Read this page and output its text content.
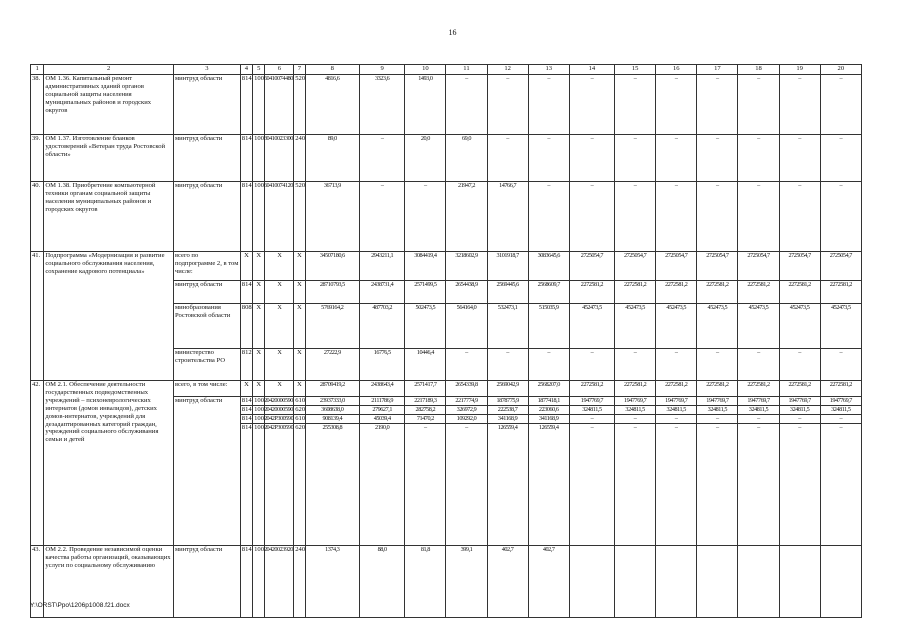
16
1	2	3	4	5	6	7	8	9	10	11	12	13	14	15	16	17	18	19	20
38.	ОМ 1.36. Капитальный ремонт административных зданий органов социальной защиты населения муниципальных районов и городских округов	минтруд области	814	1006	0410074480	520	4816,6	3323,6	1493,0	–	–	–	–	–	–	–	–	–	–
39.	ОМ 1.37. Изготовление бланков удостоверений «Ветеран труда Ростовской области»	минтруд области	814	1003	0410023300	240	89,0	–	20,0	69,0	–	–	–	–	–	–	–	–	–
40.	ОМ 1.38. Приобретение компьютерной техники органам социальной защиты населения муниципальных районов и городских округов	минтруд области	814	1006	0410074120	520	36713,9	–	–	21947,2	14766,7	–	–	–	–	–	–	–	–
41.	Подпрограмма «Модернизация и развитие социального обслуживания населения, сохранение кадрового потенциала»	всего по подпрограмме 2, в том числе:	Х	Х	Х	Х	34507180,6	2943211,1	3084419,4	3218602,9	3101918,7	3083645,6	2725054,7	2725054,7	2725054,7	2725054,7	2725054,7	2725054,7	2725054,7
		минтруд области	814	Х	Х	Х	28710793,5	2438731,4	2571499,5	2654438,9	2569445,6	2568609,7	2272581,2	2272581,2	2272581,2	2272581,2	2272581,2	2272581,2	2272581,2
		минобразования Ростовской области	808	Х	Х	Х	5769164,2	487703,2	502473,5	564164,0	532473,1	515035,9	452473,5	452473,5	452473,5	452473,5	452473,5	452473,5	452473,5
		министерство строительства РО	812	Х	Х	Х	27222,9	16776,5	10446,4	–	–	–	–	–	–	–	–	–	–
42.	ОМ 2.1. Обеспечение деятельности государственных подведомственных учреждений – психоневрологических интернатов (домов инвалидов), детских домов-интернатов, учреждений для дезадаптированных категорий граждан, учреждений социального обслуживания семьи и детей	всего, в том числе:	Х	Х	Х	Х	28709419,2	2438643,4	2571417,7	2654339,8	2569042,9	2568207,0	2272581,2	2272581,2	2272581,2	2272581,2	2272581,2	2272581,2	2272581,2
		минтруд области	814	1002	0420000590	610	23937333,0	2111786,9	2217189,3	2217774,9	1878775,9	1877418,1	1947769,7	1947769,7	1947769,7	1947769,7	1947769,7	1947769,7	1947769,7
			814	1002	0420000590	620	3608638,0	279627,1	282758,2	326972,9	222538,7	223060,6	324811,5	324811,5	324811,5	324811,5	324811,5	324811,5	324811,5
			814	1002	042Р300590	610	908139,4	45039,4	71470,2	109292,0	341168,9	341168,9	–	–	–	–	–	–	–
			814	1002	042Р300590	620	255308,8	2190,0	–	–	126559,4	126559,4	–	–	–	–	–	–	–
43.	ОМ 2.2. Проведение независимой оценки качества работы организаций, оказывающих услуги по социальному обслуживанию	минтруд области	814	1002	0420023920	240	1374,3	88,0	81,8	399,1	402,7	402,7							
Y:\ORST\Ppo\1206p1008.f21.docx
